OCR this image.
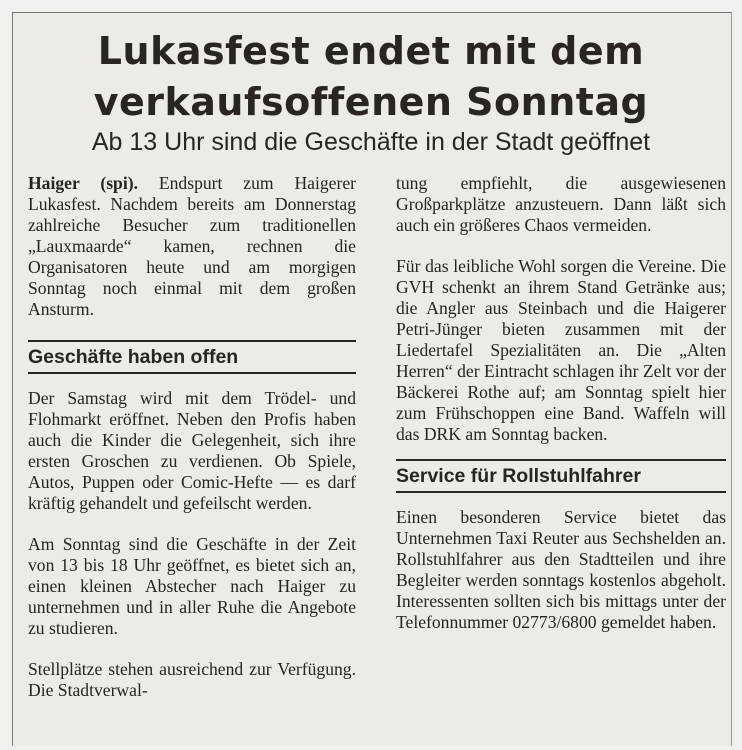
Lukasfest endet mit dem
verkaufsoffenen Sonntag
Ab 13 Uhr sind die Geschäfte in der Stadt geöffnet

Haiger (spi). Endspurt zum Haigerer Lukasfest. Nachdem bereits am Donnerstag zahlreiche Besucher zum traditionellen „Lauxmaarde“ kamen, rechnen die Organisatoren heute und am morgigen Sonntag noch einmal mit dem großen Ansturm.

Geschäfte haben offen

Der Samstag wird mit dem Trödel- und Flohmarkt eröffnet. Neben den Profis haben auch die Kinder die Gelegenheit, sich ihre ersten Groschen zu verdienen. Ob Spiele, Autos, Puppen oder Comic-Hefte — es darf kräftig gehandelt und gefeilscht werden.

Am Sonntag sind die Geschäfte in der Zeit von 13 bis 18 Uhr geöffnet, es bietet sich an, einen kleinen Abstecher nach Haiger zu unternehmen und in aller Ruhe die Angebote zu studieren.

Stellplätze stehen ausreichend zur Verfügung. Die Stadtverwal-

tung empfiehlt, die ausgewiesenen Großparkplätze anzusteuern. Dann läßt sich auch ein größeres Chaos vermeiden.

Für das leibliche Wohl sorgen die Vereine. Die GVH schenkt an ihrem Stand Getränke aus; die Angler aus Steinbach und die Haigerer Petri-Jünger bieten zusammen mit der Liedertafel Spezialitäten an. Die „Alten Herren“ der Eintracht schlagen ihr Zelt vor der Bäckerei Rothe auf; am Sonntag spielt hier zum Frühschoppen eine Band. Waffeln will das DRK am Sonntag backen.

Service für Rollstuhlfahrer

Einen besonderen Service bietet das Unternehmen Taxi Reuter aus Sechshelden an. Rollstuhlfahrer aus den Stadtteilen und ihre Begleiter werden sonntags kostenlos abgeholt. Interessenten sollten sich bis mittags unter der Telefonnummer 02773/6800 gemeldet haben.
